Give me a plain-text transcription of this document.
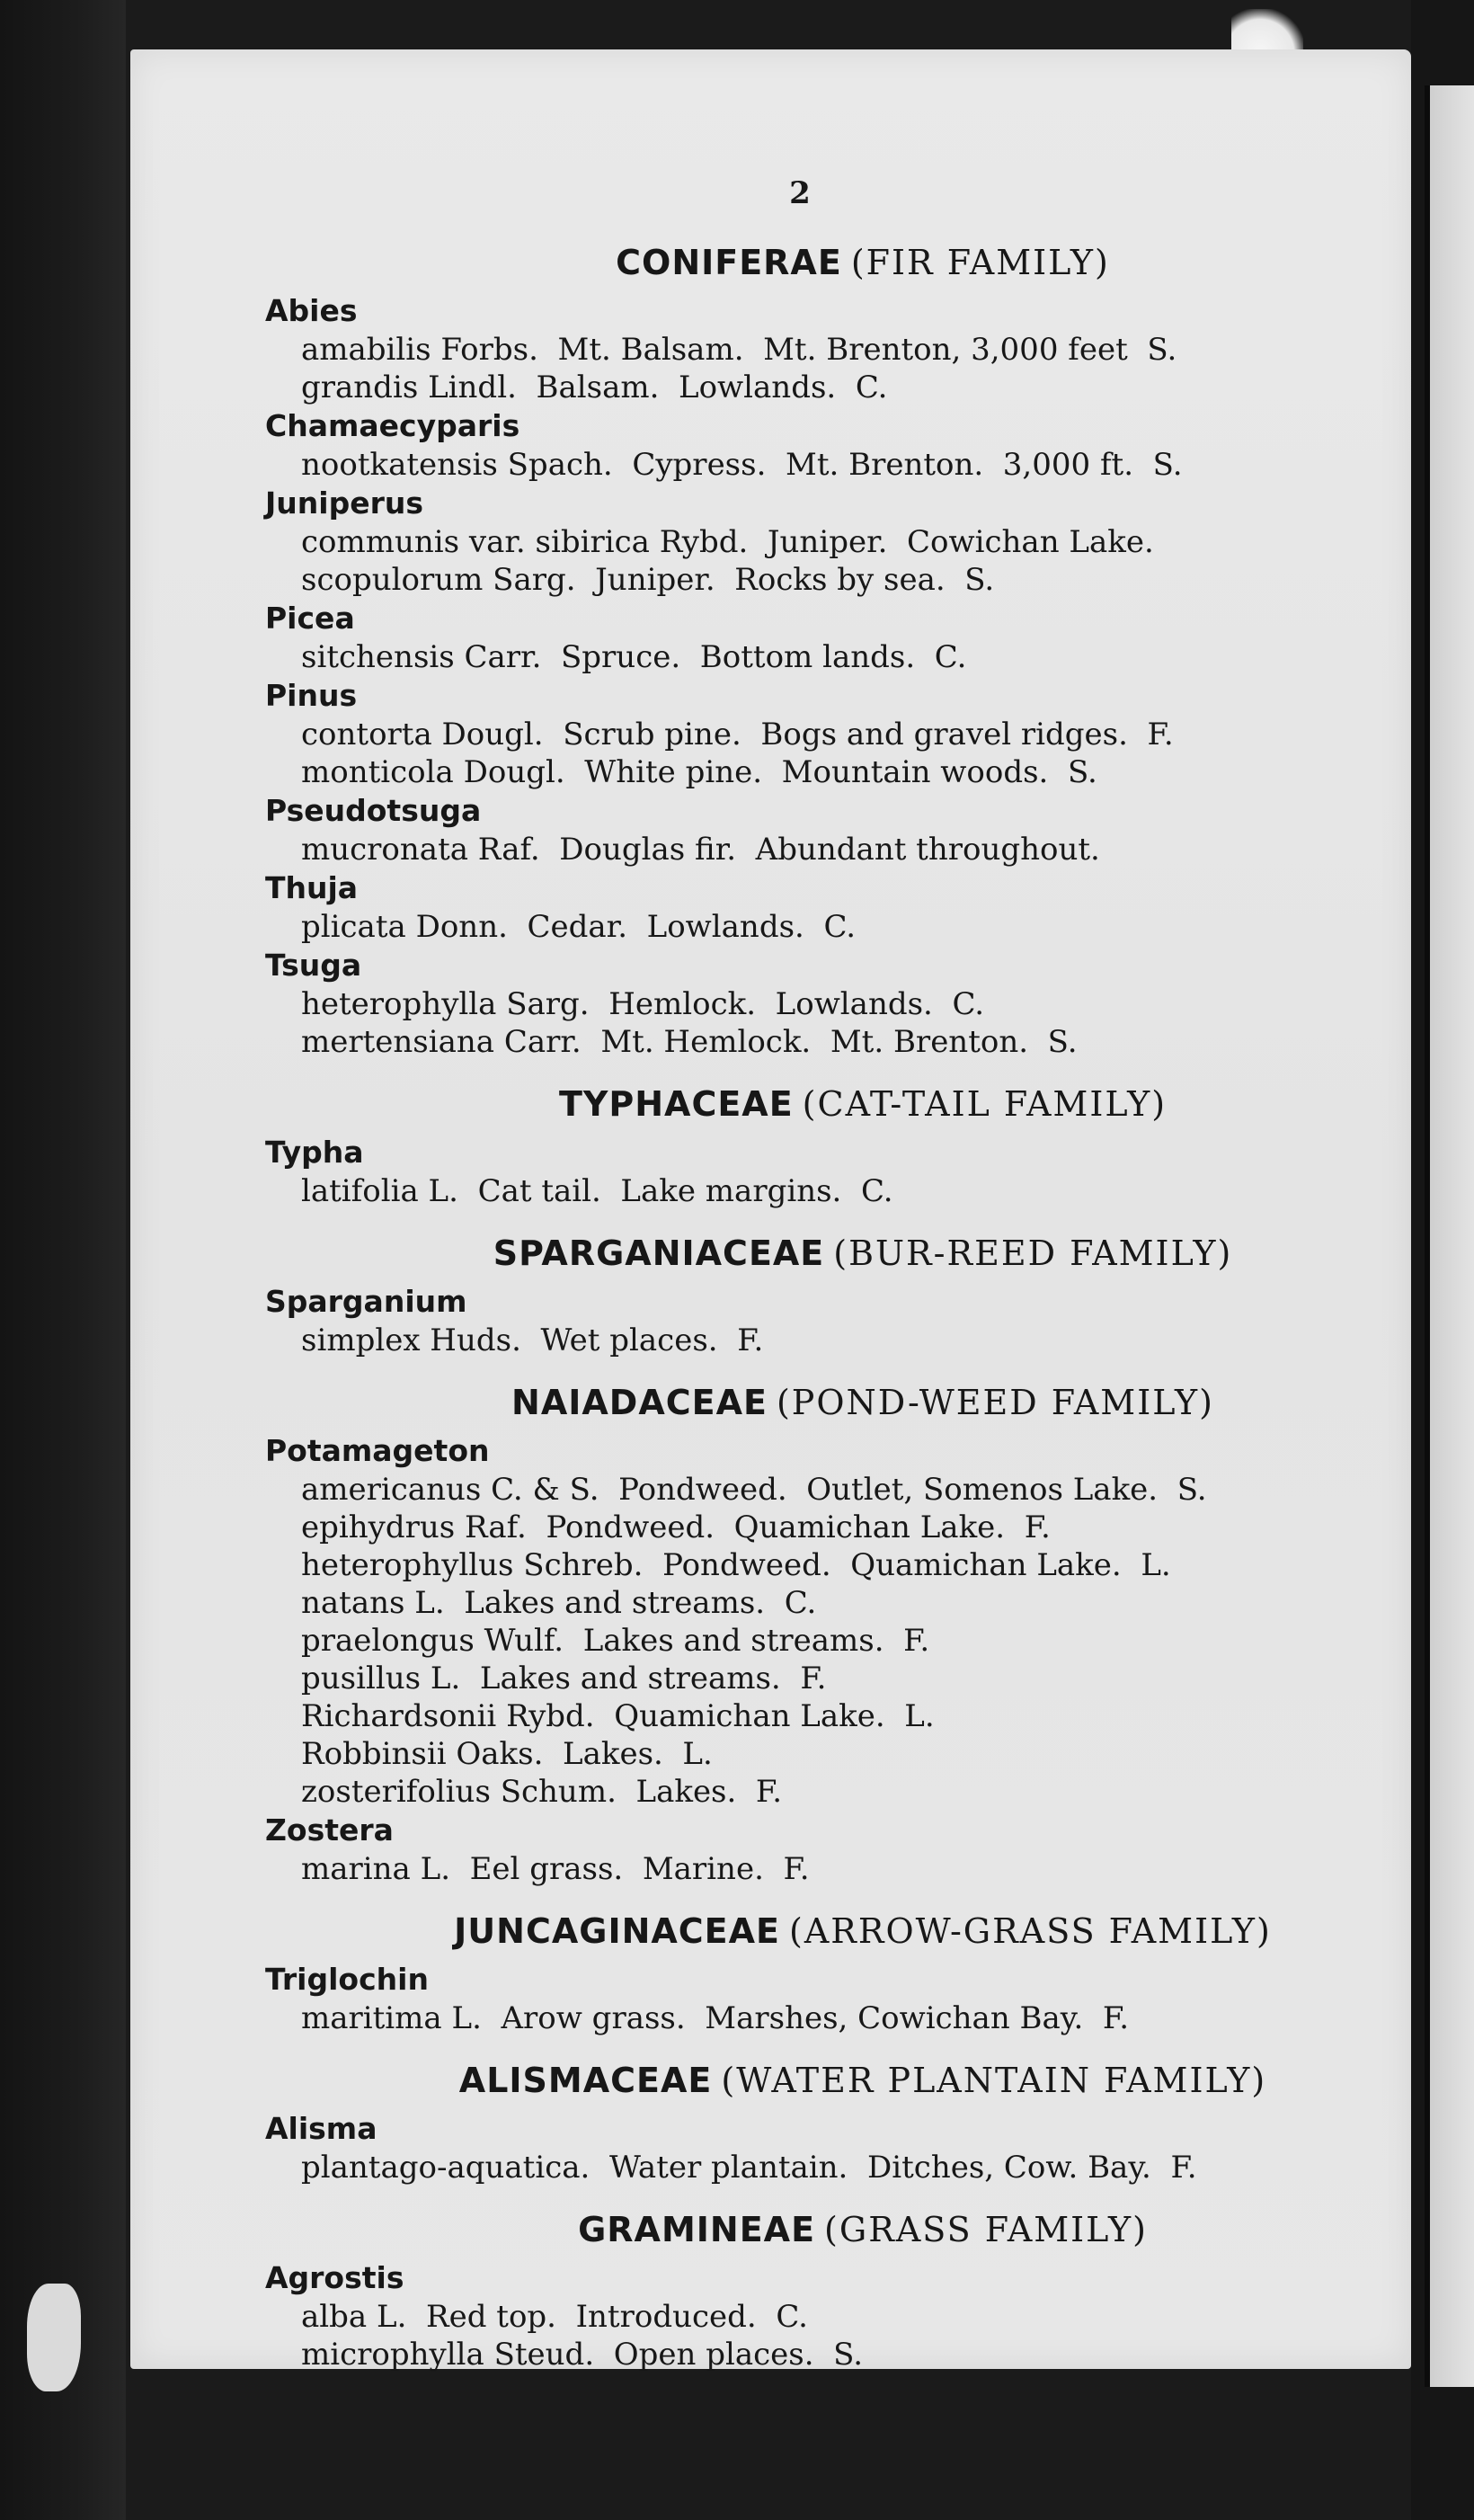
2
CONIFERAE (FIR FAMILY)
Abies
amabilis Forbs.  Mt. Balsam.  Mt. Brenton, 3,000 feet  S.
grandis Lindl.  Balsam.  Lowlands.  C.
Chamaecyparis
nootkatensis Spach.  Cypress.  Mt. Brenton.  3,000 ft.  S.
Juniperus
communis var. sibirica Rybd.  Juniper.  Cowichan Lake.
scopulorum Sarg.  Juniper.  Rocks by sea.  S.
Picea
sitchensis Carr.  Spruce.  Bottom lands.  C.
Pinus
contorta Dougl.  Scrub pine.  Bogs and gravel ridges.  F.
monticola Dougl.  White pine.  Mountain woods.  S.
Pseudotsuga
mucronata Raf.  Douglas fir.  Abundant throughout.
Thuja
plicata Donn.  Cedar.  Lowlands.  C.
Tsuga
heterophylla Sarg.  Hemlock.  Lowlands.  C.
mertensiana Carr.  Mt. Hemlock.  Mt. Brenton.  S.
TYPHACEAE (CAT-TAIL FAMILY)
Typha
latifolia L.  Cat tail.  Lake margins.  C.
SPARGANIACEAE (BUR-REED FAMILY)
Sparganium
simplex Huds.  Wet places.  F.
NAIADACEAE (POND-WEED FAMILY)
Potamageton
americanus C. & S.  Pondweed.  Outlet, Somenos Lake.  S.
epihydrus Raf.  Pondweed.  Quamichan Lake.  F.
heterophyllus Schreb.  Pondweed.  Quamichan Lake.  L.
natans L.  Lakes and streams.  C.
praelongus Wulf.  Lakes and streams.  F.
pusillus L.  Lakes and streams.  F.
Richardsonii Rybd.  Quamichan Lake.  L.
Robbinsii Oaks.  Lakes.  L.
zosterifolius Schum.  Lakes.  F.
Zostera
marina L.  Eel grass.  Marine.  F.
JUNCAGINACEAE (ARROW-GRASS FAMILY)
Triglochin
maritima L.  Arow grass.  Marshes, Cowichan Bay.  F.
ALISMACEAE (WATER PLANTAIN FAMILY)
Alisma
plantago-aquatica.  Water plantain.  Ditches, Cow. Bay.  F.
GRAMINEAE (GRASS FAMILY)
Agrostis
alba L.  Red top.  Introduced.  C.
microphylla Steud.  Open places.  S.
